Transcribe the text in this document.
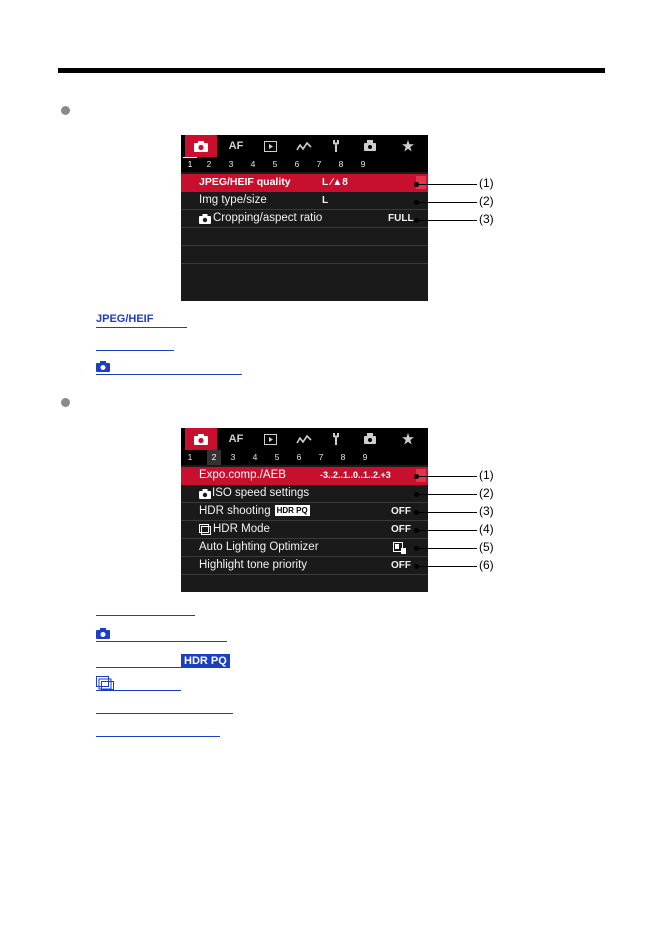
AF
1	2	3	4	5	6	7	8	9
JPEG/HEIF quality	L ⁄▲8
Img type/size	L
Cropping/aspect ratio	FULL
(1)
(2)
(3)
JPEG/HEIF
AF
1	2	3	4	5	6	7	8	9
Expo.comp./AEB	-3..2..1..0..1..2.+3
ISO speed settings
HDR shooting HDR PQ	OFF
HDR Mode	OFF
Auto Lighting Optimizer
Highlight tone priority	OFF
(1)
(2)
(3)
(4)
(5)
(6)
HDR PQ
